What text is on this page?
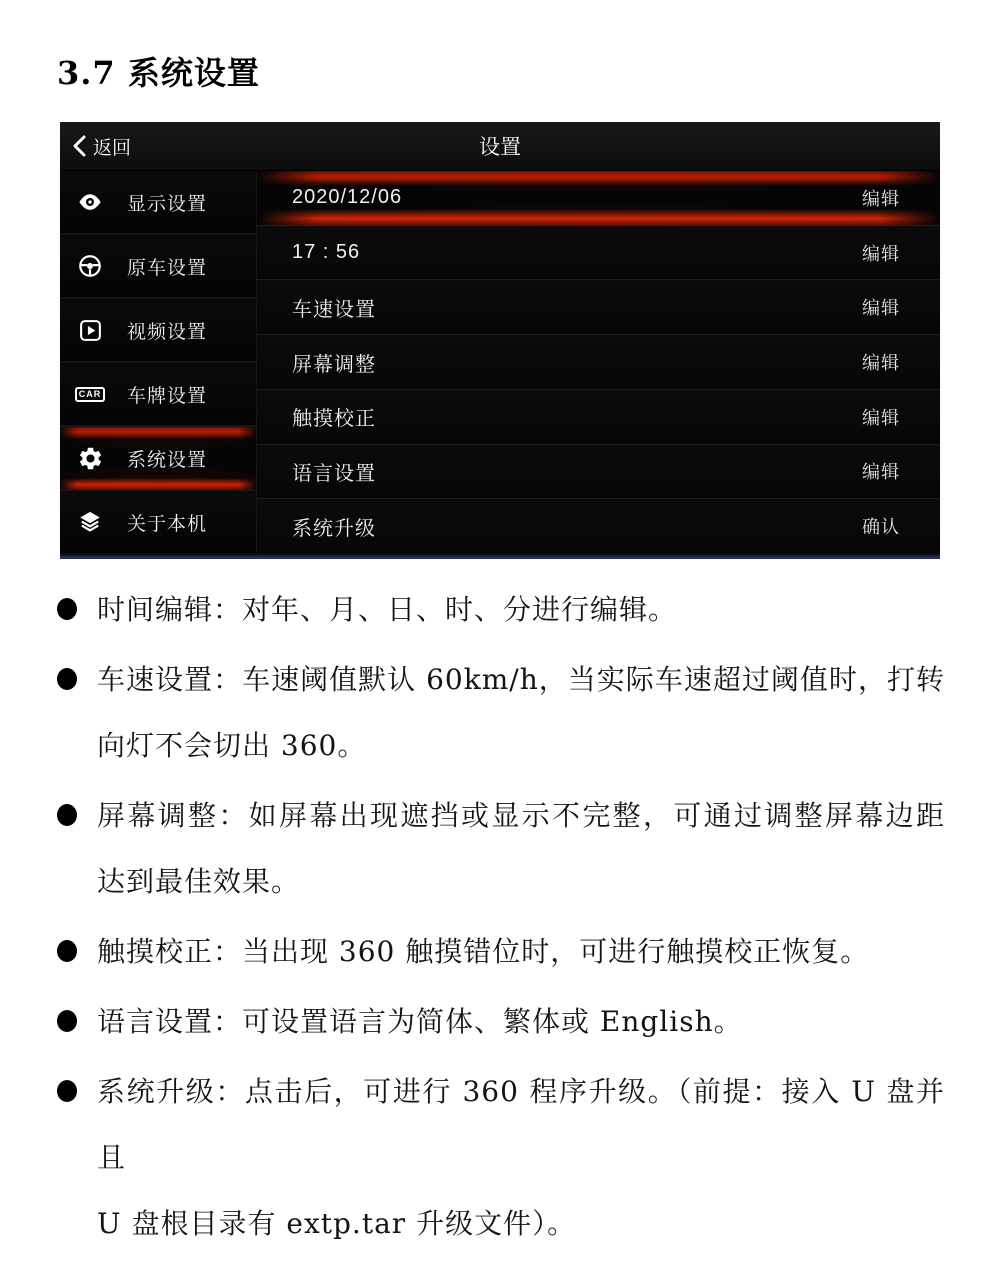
3.7 系统设置
返回	设置
显示设置
原车设置
视频设置
CAR 车牌设置
系统设置
关于本机
2020/12/06	编辑
17 : 56	编辑
车速设置	编辑
屏幕调整	编辑
触摸校正	编辑
语言设置	编辑
系统升级	确认
时间编辑：对年、月、日、时、分进行编辑。
车速设置：车速阈值默认 60km/h，当实际车速超过阈值时，打转
向灯不会切出 360。
屏幕调整：如屏幕出现遮挡或显示不完整，可通过调整屏幕边距
达到最佳效果。
触摸校正：当出现 360 触摸错位时，可进行触摸校正恢复。
语言设置：可设置语言为简体、繁体或 English。
系统升级：点击后，可进行 360 程序升级。（前提：接入 U 盘并且
U 盘根目录有 extp.tar 升级文件）。
